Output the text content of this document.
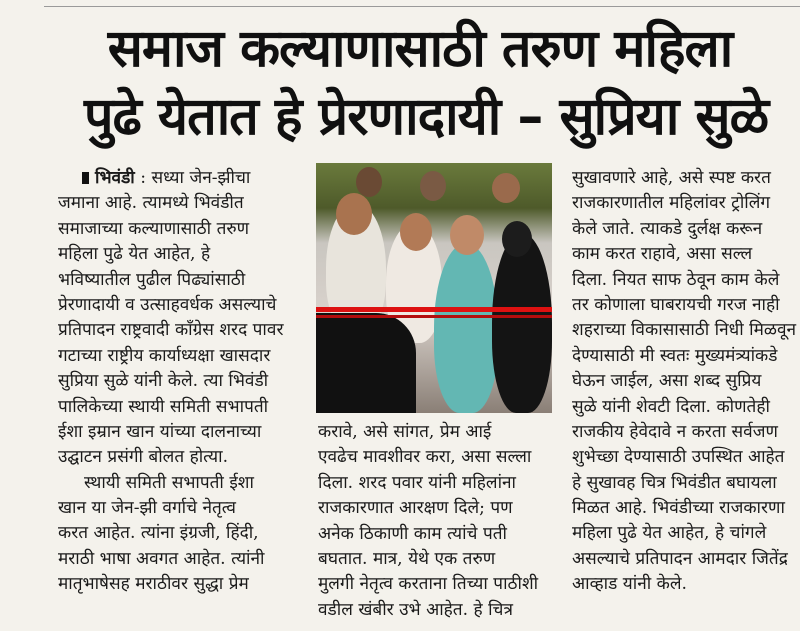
समाज कल्याणासाठी तरुण महिला
पुढे येतात हे प्रेरणादायी – सुप्रिया सुळे
भिवंडी : सध्या जेन-झीचा
जमाना आहे. त्यामध्ये भिवंडीत
समाजाच्या कल्याणासाठी तरुण
महिला पुढे येत आहेत, हे
भविष्यातील पुढील पिढ्यांसाठी
प्रेरणादायी व उत्साहवर्धक असल्याचे
प्रतिपादन राष्ट्रवादी काँग्रेस शरद पावर
गटाच्या राष्ट्रीय कार्याध्यक्षा खासदार
सुप्रिया सुळे यांनी केले. त्या भिवंडी
पालिकेच्या स्थायी समिती सभापती
ईशा इम्रान खान यांच्या दालनाच्या
उद्घाटन प्रसंगी बोलत होत्या.
स्थायी समिती सभापती ईशा
खान या जेन-झी वर्गाचे नेतृत्व
करत आहेत. त्यांना इंग्रजी, हिंदी,
मराठी भाषा अवगत आहेत. त्यांनी
मातृभाषेसह मराठीवर सुद्धा प्रेम
करावे, असे सांगत, प्रेम आई
एवढेच मावशीवर करा, असा सल्ला
दिला. शरद पवार यांनी महिलांना
राजकारणात आरक्षण दिले; पण
अनेक ठिकाणी काम त्यांचे पती
बघतात. मात्र, येथे एक तरुण
मुलगी नेतृत्व करताना तिच्या पाठीशी
वडील खंबीर उभे आहेत. हे चित्र
सुखावणारे आहे, असे स्पष्ट करत
राजकारणातील महिलांवर ट्रोलिंग
केले जाते. त्याकडे दुर्लक्ष करून
काम करत राहावे, असा सल्ल
दिला. नियत साफ ठेवून काम केले
तर कोणाला घाबरायची गरज नाही
शहराच्या विकासासाठी निधी मिळवून
देण्यासाठी मी स्वतः मुख्यमंत्र्यांकडे
घेऊन जाईल, असा शब्द सुप्रिय
सुळे यांनी शेवटी दिला. कोणतेही
राजकीय हेवेदावे न करता सर्वजण
शुभेच्छा देण्यासाठी उपस्थित आहेत
हे सुखावह चित्र भिवंडीत बघायला
मिळत आहे. भिवंडीच्या राजकारणा
महिला पुढे येत आहेत, हे चांगले
असल्याचे प्रतिपादन आमदार जितेंद्र
आव्हाड यांनी केले.
